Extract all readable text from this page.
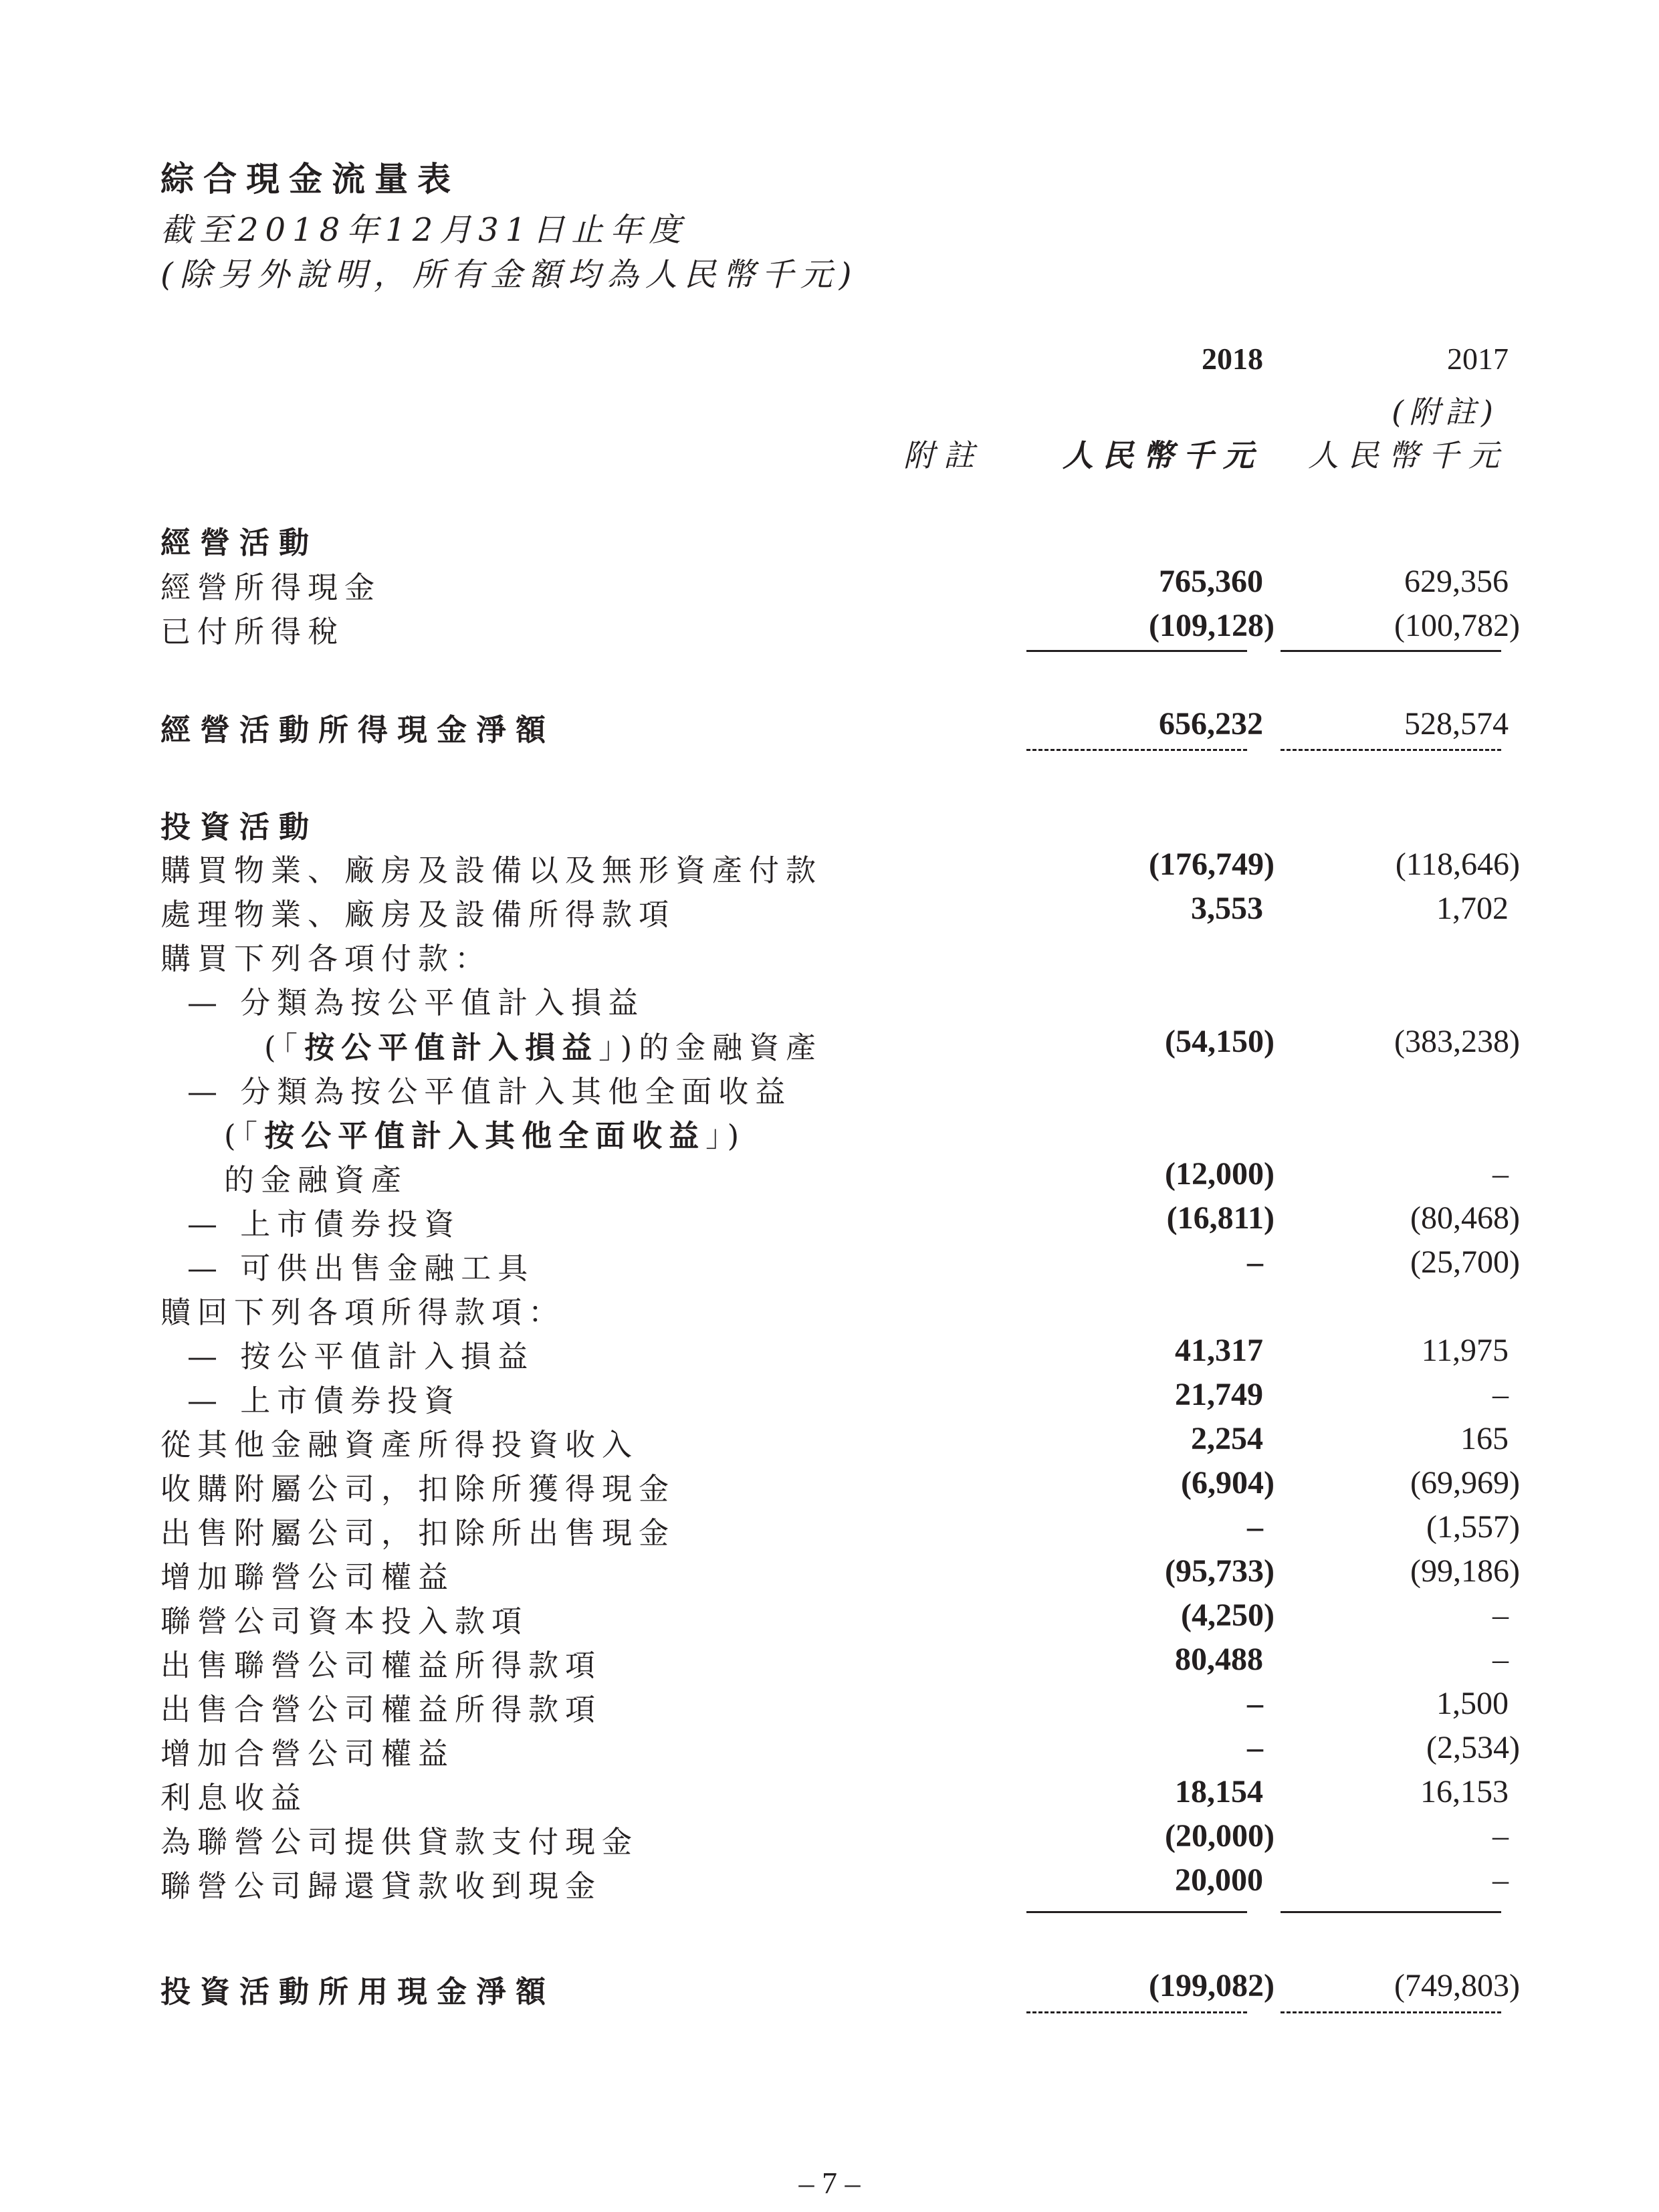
綜合現金流量表
截至2018年12月31日止年度
(除另外說明，所有金額均為人民幣千元)
2018	2017
(附註)
附註	人民幣千元 人民幣千元
經營活動
經營所得現金	765,360	629,356
已付所得稅	(109,128)	(100,782)
經營活動所得現金淨額	656,232	528,574
投資活動
購買物業、廠房及設備以及無形資產付款	(176,749)	(118,646)
處理物業、廠房及設備所得款項	3,553	1,702
購買下列各項付款：
— 分類為按公平值計入損益
(「按公平值計入損益」)的金融資產	(54,150)	(383,238)
— 分類為按公平值計入其他全面收益
(「按公平值計入其他全面收益」)
的金融資產	(12,000)	–
— 上市債券投資	(16,811)	(80,468)
— 可供出售金融工具	–	(25,700)
贖回下列各項所得款項：
— 按公平值計入損益	41,317	11,975
— 上市債券投資	21,749	–
從其他金融資產所得投資收入	2,254	165
收購附屬公司，扣除所獲得現金	(6,904)	(69,969)
出售附屬公司，扣除所出售現金	–	(1,557)
增加聯營公司權益	(95,733)	(99,186)
聯營公司資本投入款項	(4,250)	–
出售聯營公司權益所得款項	80,488	–
出售合營公司權益所得款項	–	1,500
增加合營公司權益	–	(2,534)
利息收益	18,154	16,153
為聯營公司提供貸款支付現金	(20,000)	–
聯營公司歸還貸款收到現金	20,000	–
投資活動所用現金淨額	(199,082)	(749,803)
– 7 –
